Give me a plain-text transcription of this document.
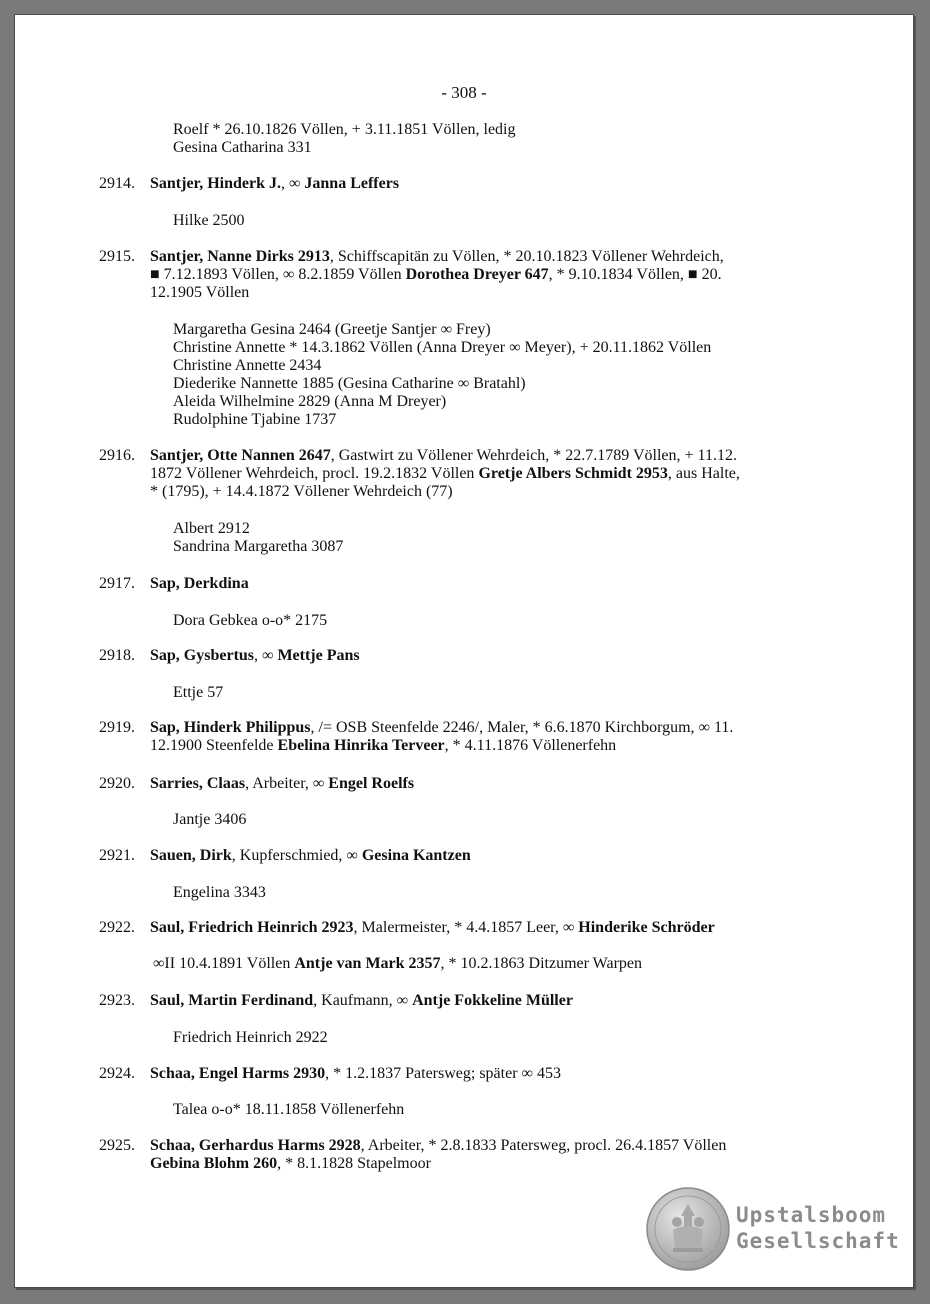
- 308 -
Roelf * 26.10.1826 Völlen, + 3.11.1851 Völlen, ledig
Gesina Catharina 331
2914. Santjer, Hinderk J., ∞ Janna Leffers
Hilke 2500
2915. Santjer, Nanne Dirks 2913, Schiffscapitän zu Völlen, * 20.10.1823 Völlener Wehrdeich,
■ 7.12.1893 Völlen, ∞ 8.2.1859 Völlen Dorothea Dreyer 647, * 9.10.1834 Völlen, ■ 20.
12.1905 Völlen
Margaretha Gesina 2464 (Greetje Santjer ∞ Frey)
Christine Annette * 14.3.1862 Völlen (Anna Dreyer ∞ Meyer), + 20.11.1862 Völlen
Christine Annette 2434
Diederike Nannette 1885 (Gesina Catharine ∞ Bratahl)
Aleida Wilhelmine 2829 (Anna M Dreyer)
Rudolphine Tjabine 1737
2916. Santjer, Otte Nannen 2647, Gastwirt zu Völlener Wehrdeich, * 22.7.1789 Völlen, + 11.12.
1872 Völlener Wehrdeich, procl. 19.2.1832 Völlen Gretje Albers Schmidt 2953, aus Halte,
* (1795), + 14.4.1872 Völlener Wehrdeich (77)
Albert 2912
Sandrina Margaretha 3087
2917. Sap, Derkdina
Dora Gebkea o-o* 2175
2918. Sap, Gysbertus, ∞ Mettje Pans
Ettje 57
2919. Sap, Hinderk Philippus, /= OSB Steenfelde 2246/, Maler, * 6.6.1870 Kirchborgum, ∞ 11.
12.1900 Steenfelde Ebelina Hinrika Terveer, * 4.11.1876 Völlenerfehn
2920. Sarries, Claas, Arbeiter, ∞ Engel Roelfs
Jantje 3406
2921. Sauen, Dirk, Kupferschmied, ∞ Gesina Kantzen
Engelina 3343
2922. Saul, Friedrich Heinrich 2923, Malermeister, * 4.4.1857 Leer, ∞ Hinderike Schröder
∞II 10.4.1891 Völlen Antje van Mark 2357, * 10.2.1863 Ditzumer Warpen
2923. Saul, Martin Ferdinand, Kaufmann, ∞ Antje Fokkeline Müller
Friedrich Heinrich 2922
2924. Schaa, Engel Harms 2930, * 1.2.1837 Patersweg; später ∞ 453
Talea o-o* 18.11.1858 Völlenerfehn
2925. Schaa, Gerhardus Harms 2928, Arbeiter, * 2.8.1833 Patersweg, procl. 26.4.1857 Völlen
Gebina Blohm 260, * 8.1.1828 Stapelmoor
Upstalsboom
Gesellschaft
